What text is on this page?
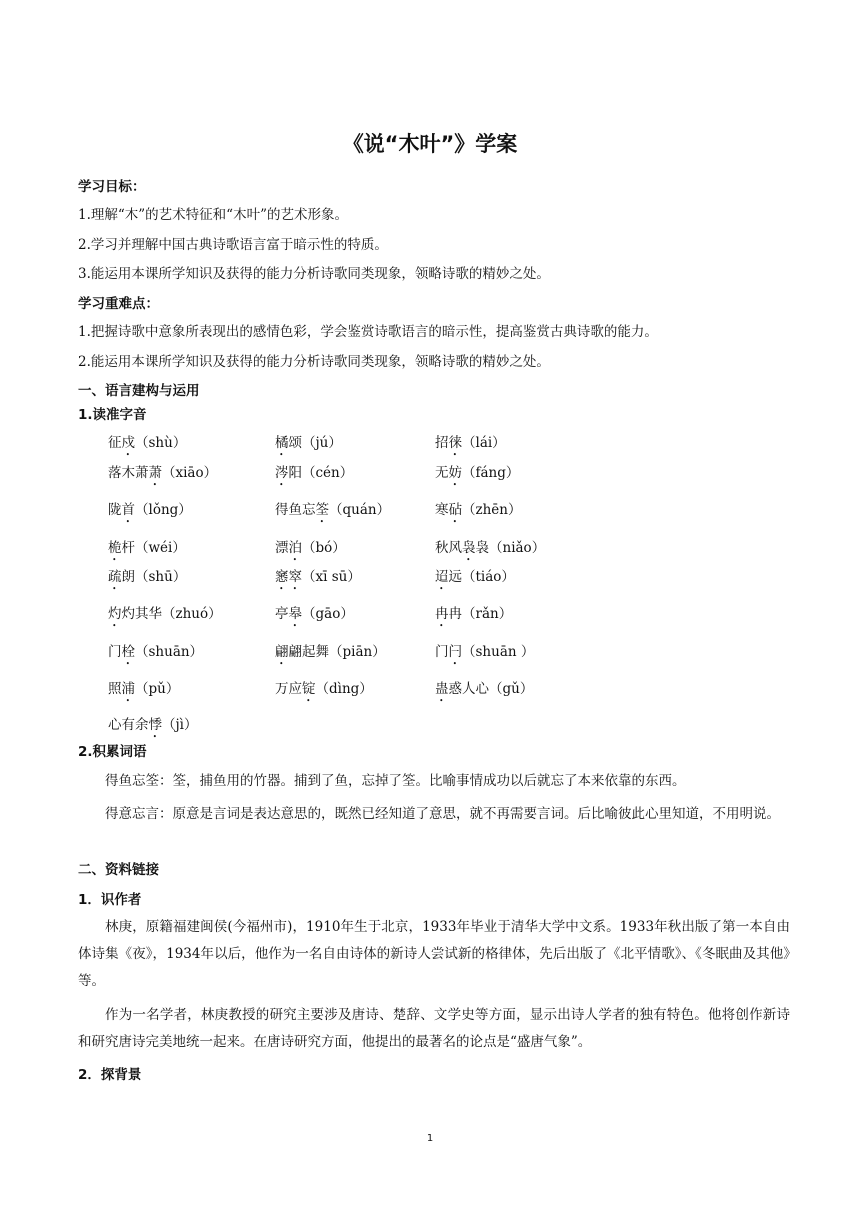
《说“木叶”》学案
学习目标：
1.理解“木”的艺术特征和“木叶”的艺术形象。
2.学习并理解中国古典诗歌语言富于暗示性的特质。
3.能运用本课所学知识及获得的能力分析诗歌同类现象，领略诗歌的精妙之处。
学习重难点：
1.把握诗歌中意象所表现出的感情色彩，学会鉴赏诗歌语言的暗示性，提高鉴赏古典诗歌的能力。
2.能运用本课所学知识及获得的能力分析诗歌同类现象，领略诗歌的精妙之处。
一、语言建构与运用
1.读准字音
征戍（shù）	橘颂（jú）	招徕（lái）
落木萧萧（xiāo）	涔阳（cén）	无妨（fáng）
陇首（lǒng）	得鱼忘筌（quán）	寒砧（zhēn）
桅杆（wéi）	漂泊（bó）	秋风袅袅（niǎo）
疏朗（shū）	窸窣（xī sū）	迢远（tiáo）
灼灼其华（zhuó）	亭皋（gāo）	冉冉（rǎn）
门栓（shuān）	翩翩起舞（piān）	门闩（shuān ）
照浦（pǔ）	万应锭（dìng）	蛊惑人心（gǔ）
心有余悸（jì）
2.积累词语
得鱼忘筌：筌，捕鱼用的竹器。捕到了鱼，忘掉了筌。比喻事情成功以后就忘了本来依靠的东西。
得意忘言：原意是言词是表达意思的，既然已经知道了意思，就不再需要言词。后比喻彼此心里知道，不用明说。
二、资料链接
1．识作者
林庚，原籍福建闽侯(今福州市)，1910年生于北京，1933年毕业于清华大学中文系。1933年秋出版了第一本自由体诗集《夜》，1934年以后，他作为一名自由诗体的新诗人尝试新的格律体，先后出版了《北平情歌》、《冬眠曲及其他》等。
作为一名学者，林庚教授的研究主要涉及唐诗、楚辞、文学史等方面，显示出诗人学者的独有特色。他将创作新诗和研究唐诗完美地统一起来。在唐诗研究方面，他提出的最著名的论点是“盛唐气象”。
2．探背景
1
